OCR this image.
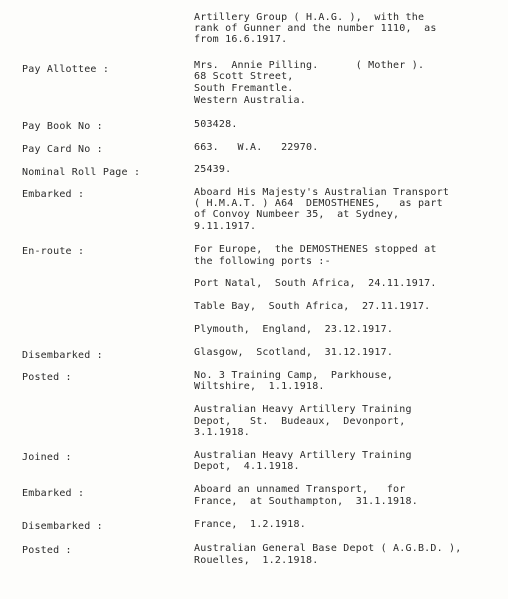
Artillery Group ( H.A.G. ),  with the
rank of Gunner and the number 1110,  as
from 16.6.1917.
Pay Allottee :	Mrs.  Annie Pilling.      ( Mother ).
68 Scott Street,
South Fremantle.
Western Australia.
Pay Book No :	503428.
Pay Card No :	663.   W.A.   22970.
Nominal Roll Page :	25439.
Embarked :	Aboard His Majesty's Australian Transport
( H.M.A.T. ) A64  DEMOSTHENES,   as part
of Convoy Numbeer 35,  at Sydney,
9.11.1917.
En-route :	For Europe,  the DEMOSTHENES stopped at
the following ports :-
Port Natal,  South Africa,  24.11.1917.
Table Bay,  South Africa,  27.11.1917.
Plymouth,  England,  23.12.1917.
Disembarked :	Glasgow,  Scotland,  31.12.1917.
Posted :	No. 3 Training Camp,  Parkhouse,
Wiltshire,  1.1.1918.
Australian Heavy Artillery Training
Depot,   St.  Budeaux,  Devonport,
3.1.1918.
Joined :	Australian Heavy Artillery Training
Depot,  4.1.1918.
Embarked :	Aboard an unnamed Transport,   for
France,  at Southampton,  31.1.1918.
Disembarked :	France,  1.2.1918.
Posted :	Australian General Base Depot ( A.G.B.D. ),
Rouelles,  1.2.1918.
